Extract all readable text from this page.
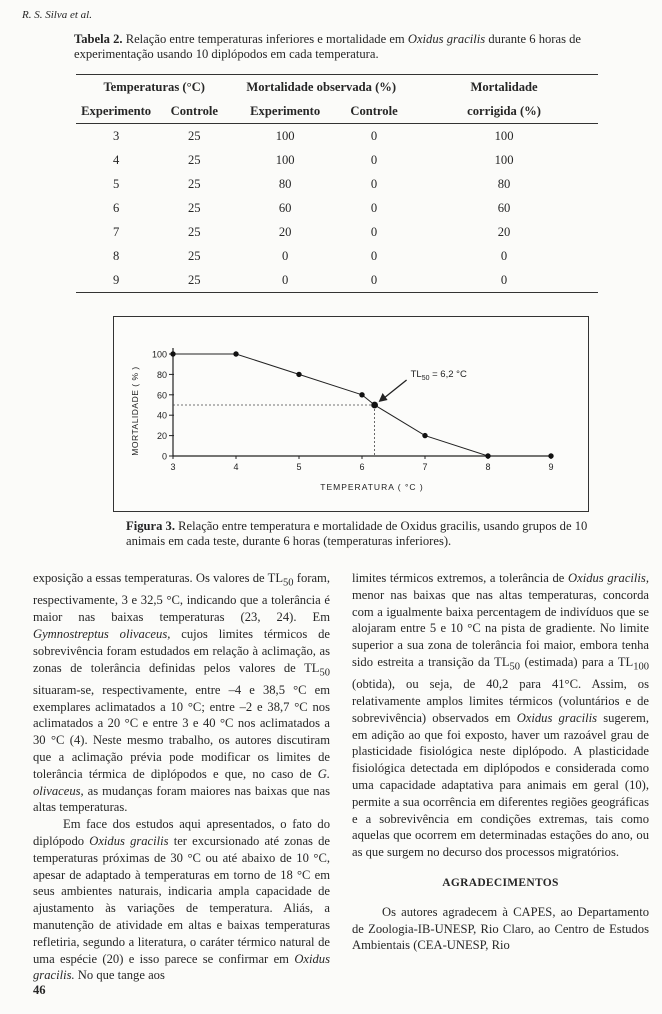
R. S. Silva et al.
Tabela 2. Relação entre temperaturas inferiores e mortalidade em Oxidus gracilis durante 6 horas de experimentação usando 10 diplópodos em cada temperatura.
Temperaturas (°C)		Mortalidade observada (%)		Mortalidade
Experimento	Controle	Experimento	Controle	corrigida (%)
3	25	100	0	100
4	25	100	0	100
5	25	80	0	80
6	25	60	0	60
7	25	20	0	20
8	25	0	0	0
9	25	0	0	0
0
20
40
60
80
100
3	4	5	6	7	8	9
MORTALIDADE ( % )
TEMPERATURA ( °C )
$TL_{50} = 6,2$ °C
Figura 3. Relação entre temperatura e mortalidade de Oxidus gracilis, usando grupos de 10 animais em cada teste, durante 6 horas (temperaturas inferiores).

exposição a essas temperaturas. Os valores de $TL_{50}$ foram, respectivamente, 3 e 32,5 °C, indicando que a tolerância é maior nas baixas temperaturas (23, 24). Em Gymnostreptus olivaceus, cujos limites térmicos de sobrevivência foram estudados em relação à aclimação, as zonas de tolerância definidas pelos valores de $TL_{50}$ situaram-se, respectivamente, entre –4 e 38,5 °C em exemplares aclimatados a 10 °C; entre –2 e 38,7 °C nos aclimatados a 20 °C e entre 3 e 40 °C nos aclimatados a 30 °C (4). Neste mesmo trabalho, os autores discutiram que a aclimação prévia pode modificar os limites de tolerância térmica de diplópodos e que, no caso de G. olivaceus, as mudanças foram maiores nas baixas que nas altas temperaturas.

Em face dos estudos aqui apresentados, o fato do diplópodo Oxidus gracilis ter excursionado até zonas de temperaturas próximas de 30 °C ou até abaixo de 10 °C, apesar de adaptado à temperaturas em torno de 18 °C em seus ambientes naturais, indicaria ampla capacidade de ajustamento às variações de temperatura. Aliás, a manutenção de atividade em altas e baixas temperaturas refletiria, segundo a literatura, o caráter térmico natural de uma espécie (20) e isso parece se confirmar em Oxidus gracilis. No que tange aos

limites térmicos extremos, a tolerância de Oxidus gracilis, menor nas baixas que nas altas temperaturas, concorda com a igualmente baixa percentagem de indivíduos que se alojaram entre 5 e 10 °C na pista de gradiente. No limite superior a sua zona de tolerância foi maior, embora tenha sido estreita a transição da $TL_{50}$ (estimada) para a $TL_{100}$ (obtida), ou seja, de 40,2 para 41°C. Assim, os relativamente amplos limites térmicos (voluntários e de sobrevivência) observados em Oxidus gracilis sugerem, em adição ao que foi exposto, haver um razoável grau de plasticidade fisiológica neste diplópodo. A plasticidade fisiológica detectada em diplópodos e considerada como uma capacidade adaptativa para animais em geral (10), permite a sua ocorrência em diferentes regiões geográficas e a sobrevivência em condições extremas, tais como aquelas que ocorrem em determinadas estações do ano, ou as que surgem no decurso dos processos migratórios.

AGRADECIMENTOS

Os autores agradecem à CAPES, ao Departamento de Zoologia-IB-UNESP, Rio Claro, ao Centro de Estudos Ambientais (CEA-UNESP, Rio

46
